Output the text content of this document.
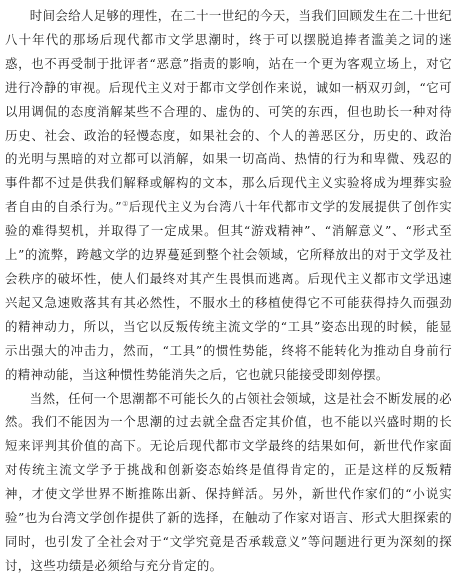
时间会给人足够的理性，在二十一世纪的今天，当我们回顾发生在二十世纪八十年代的那场后现代都市文学思潮时，终于可以摆脱追捧者滥美之词的迷惑，也不再受制于批评者“恶意”指责的影响，站在一个更为客观立场上，对它进行冷静的审视。后现代主义对于都市文学创作来说，诚如一柄双刃剑，“它可以用调侃的态度消解某些不合理的、虚伪的、可笑的东西，但也助长一种对待历史、社会、政治的轻慢态度，如果社会的、个人的善恶区分，历史的、政治的光明与黑暗的对立都可以消解，如果一切高尚、热情的行为和卑微、残忍的事件都不过是供我们解释或解构的文本，那么后现代主义实验将成为埋葬实验者自由的自杀行为。”①后现代主义为台湾八十年代都市文学的发展提供了创作实验的难得契机，并取得了一定成果。但其“游戏精神”、“消解意义”、“形式至上”的流弊，跨越文学的边界蔓延到整个社会领域，它所释放出的对于文学及社会秩序的破坏性，使人们最终对其产生畏惧而逃离。后现代主义都市文学迅速兴起又急速败落其有其必然性，不服水土的移植使得它不可能获得持久而强劲的精神动力，所以，当它以反叛传统主流文学的“工具”姿态出现的时候，能显示出强大的冲击力，然而，“工具”的惯性势能，终将不能转化为推动自身前行的精神动能，当这种惯性势能消失之后，它也就只能接受即刻停摆。

当然，任何一个思潮都不可能长久的占领社会领域，这是社会不断发展的必然。我们不能因为一个思潮的过去就全盘否定其价值，也不能以兴盛时期的长短来评判其价值的高下。无论后现代都市文学最终的结果如何，新世代作家面对传统主流文学予于挑战和创新姿态始终是值得肯定的，正是这样的反叛精神，才使文学世界不断推陈出新、保持鲜活。另外，新世代作家们的“小说实验”也为台湾文学创作提供了新的选择，在触动了作家对语言、形式大胆探索的同时，也引发了全社会对于“文学究竟是否承载意义”等问题进行更为深刻的探讨，这些功绩是必须给与充分肯定的。
